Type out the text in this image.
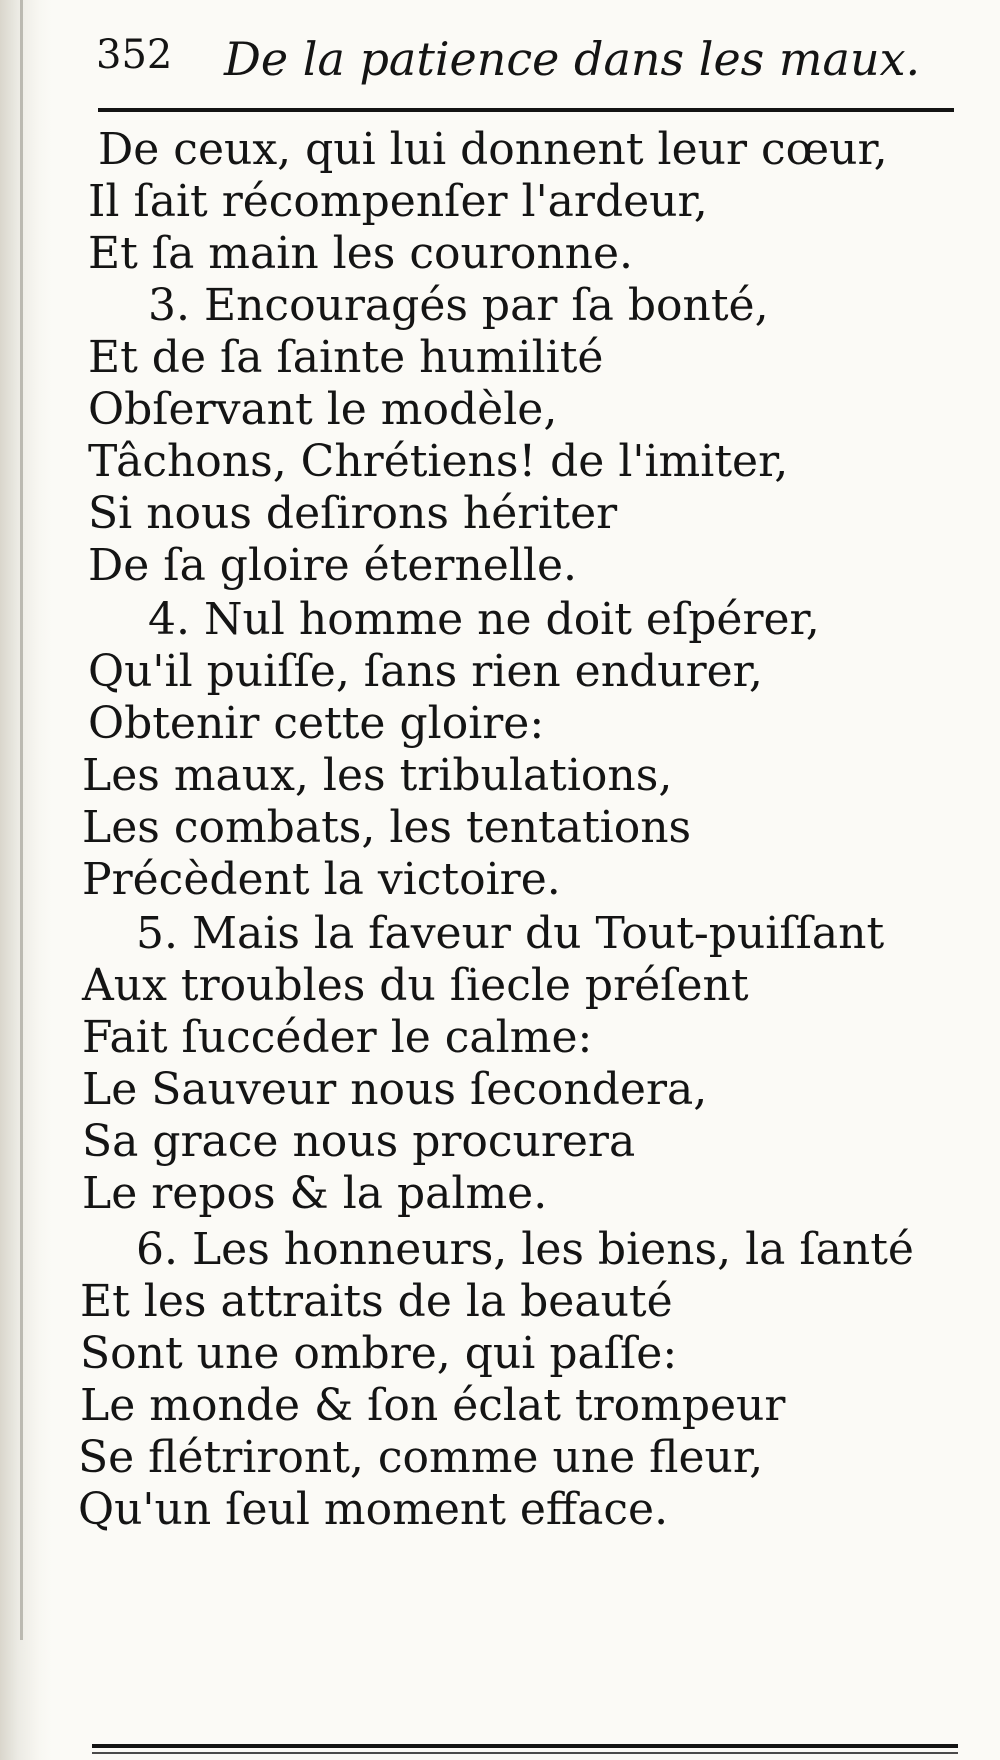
352 De la patience dans les maux.
De ceux, qui lui donnent leur cœur,
Il ſait récompenſer l'ardeur,
Et ſa main les couronne.
3. Encouragés par ſa bonté,
Et de ſa ſainte humilité
Obſervant le modèle,
Tâchons, Chrétiens! de l'imiter,
Si nous deſirons hériter
De ſa gloire éternelle.
4. Nul homme ne doit eſpérer,
Qu'il puiſſe, ſans rien endurer,
Obtenir cette gloire:
Les maux, les tribulations,
Les combats, les tentations
Précèdent la victoire.
5. Mais la faveur du Tout-puiſſant
Aux troubles du ſiecle préſent
Fait ſuccéder le calme:
Le Sauveur nous ſecondera,
Sa grace nous procurera
Le repos & la palme.
6. Les honneurs, les biens, la ſanté
Et les attraits de la beauté
Sont une ombre, qui paſſe:
Le monde & ſon éclat trompeur
Se flétriront, comme une fleur,
Qu'un ſeul moment efface.
